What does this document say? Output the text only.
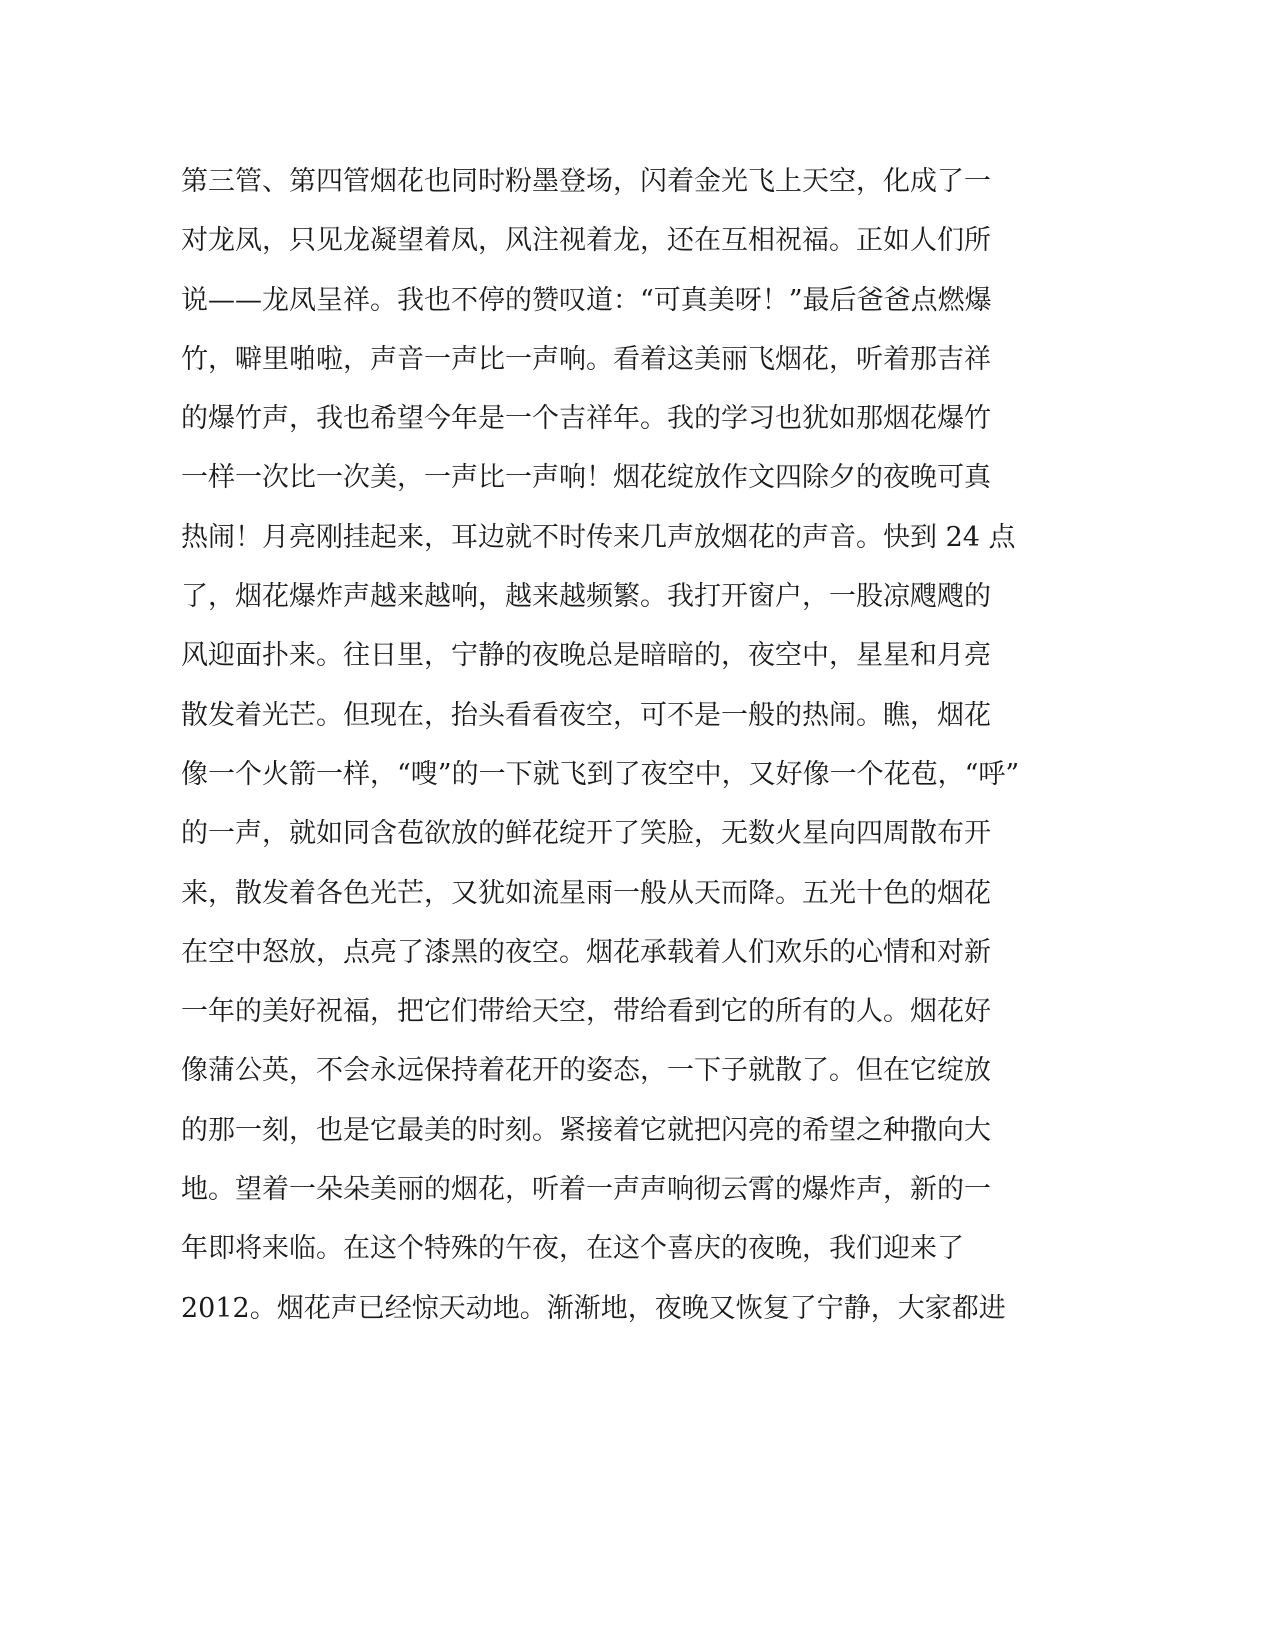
第三管、第四管烟花也同时粉墨登场，闪着金光飞上天空，化成了一
对龙凤，只见龙凝望着凤，风注视着龙，还在互相祝福。正如人们所
说——龙凤呈祥。我也不停的赞叹道：“可真美呀！”最后爸爸点燃爆
竹，噼里啪啦，声音一声比一声响。看着这美丽飞烟花，听着那吉祥
的爆竹声，我也希望今年是一个吉祥年。我的学习也犹如那烟花爆竹
一样一次比一次美，一声比一声响！烟花绽放作文四除夕的夜晚可真
热闹！月亮刚挂起来，耳边就不时传来几声放烟花的声音。快到 24 点
了，烟花爆炸声越来越响，越来越频繁。我打开窗户，一股凉飕飕的
风迎面扑来。往日里，宁静的夜晚总是暗暗的，夜空中，星星和月亮
散发着光芒。但现在，抬头看看夜空，可不是一般的热闹。瞧，烟花
像一个火箭一样，“嗖”的一下就飞到了夜空中，又好像一个花苞，“呼”
的一声，就如同含苞欲放的鲜花绽开了笑脸，无数火星向四周散布开
来，散发着各色光芒，又犹如流星雨一般从天而降。五光十色的烟花
在空中怒放，点亮了漆黑的夜空。烟花承载着人们欢乐的心情和对新
一年的美好祝福，把它们带给天空，带给看到它的所有的人。烟花好
像蒲公英，不会永远保持着花开的姿态，一下子就散了。但在它绽放
的那一刻，也是它最美的时刻。紧接着它就把闪亮的希望之种撒向大
地。望着一朵朵美丽的烟花，听着一声声响彻云霄的爆炸声，新的一
年即将来临。在这个特殊的午夜，在这个喜庆的夜晚，我们迎来了
2012。烟花声已经惊天动地。渐渐地，夜晚又恢复了宁静，大家都进
